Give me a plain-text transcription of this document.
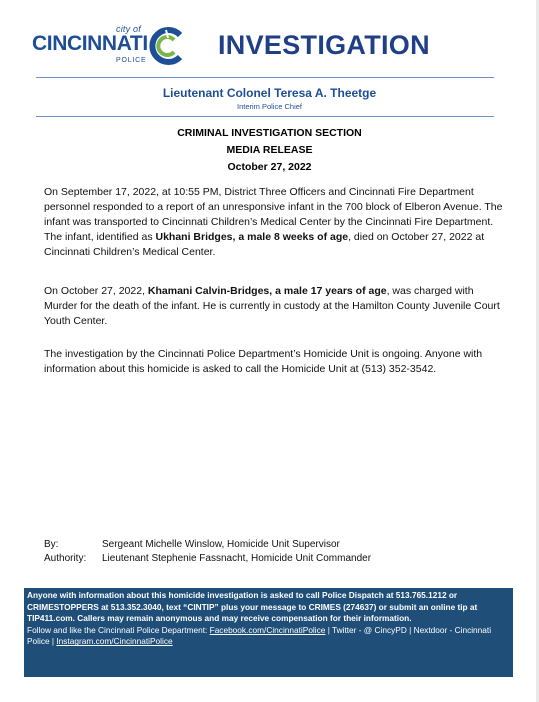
city of
CINCINNATI
POLICE
INVESTIGATION
Lieutenant Colonel Teresa A. Theetge
Interim Police Chief
CRIMINAL INVESTIGATION SECTION
MEDIA RELEASE
October 27, 2022

On September 17, 2022, at 10:55 PM, District Three Officers and Cincinnati Fire Department personnel responded to a report of an unresponsive infant in the 700 block of Elberon Avenue. The infant was transported to Cincinnati Children’s Medical Center by the Cincinnati Fire Department. The infant, identified as Ukhani Bridges, a male 8 weeks of age, died on October 27, 2022 at Cincinnati Children’s Medical Center.

On October 27, 2022, Khamani Calvin-Bridges, a male 17 years of age, was charged with Murder for the death of the infant. He is currently in custody at the Hamilton County Juvenile Court Youth Center.

The investigation by the Cincinnati Police Department’s Homicide Unit is ongoing. Anyone with information about this homicide is asked to call the Homicide Unit at (513) 352-3542.

By:	Sergeant Michelle Winslow, Homicide Unit Supervisor
Authority: Lieutenant Stephenie Fassnacht, Homicide Unit Commander
Anyone with information about this homicide investigation is asked to call Police Dispatch at 513.765.1212 or CRIMESTOPPERS at 513.352.3040, text “CINTIP” plus your message to CRIMES (274637) or submit an online tip at TIP411.com. Callers may remain anonymous and may receive compensation for their information.
Follow and like the Cincinnati Police Department: Facebook.com/CincinnatiPolice | Twitter - @ CincyPD | Nextdoor - Cincinnati Police | Instagram.com/CincinnatiPolice
